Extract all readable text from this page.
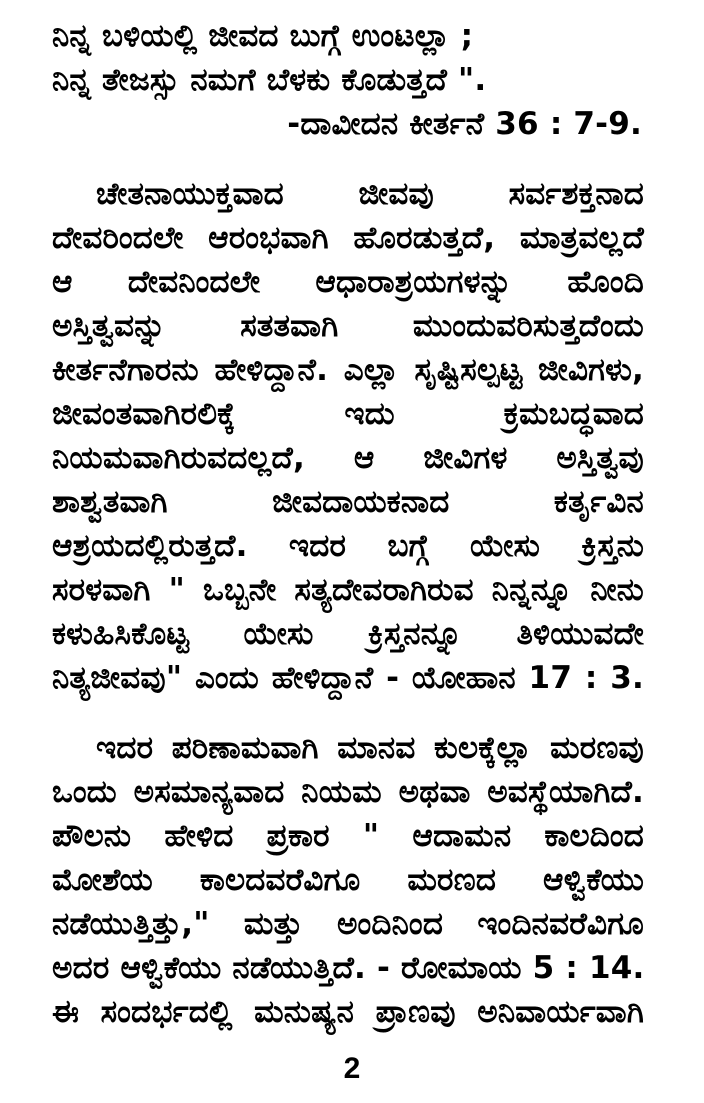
ನಿನ್ನ ಬಳಿಯಲ್ಲಿ ಜೀವದ ಬುಗ್ಗೆ ಉಂಟಲ್ಲಾ ;
ನಿನ್ನ ತೇಜಸ್ಸು ನಮಗೆ ಬೆಳಕು ಕೊಡುತ್ತದೆ ".
-ದಾವೀದನ ಕೀರ್ತನೆ 36 : 7-9.
ಚೇತನಾಯುಕ್ತವಾದ ಜೀವವು ಸರ್ವಶಕ್ತನಾದ
ದೇವರಿಂದಲೇ ಆರಂಭವಾಗಿ ಹೊರಡುತ್ತದೆ, ಮಾತ್ರವಲ್ಲದೆ
ಆ ದೇವನಿಂದಲೇ ಆಧಾರಾಶ್ರಯಗಳನ್ನು ಹೊಂದಿ
ಅಸ್ತಿತ್ವವನ್ನು ಸತತವಾಗಿ ಮುಂದುವರಿಸುತ್ತದೆಂದು
ಕೀರ್ತನೆಗಾರನು ಹೇಳಿದ್ದಾನೆ. ಎಲ್ಲಾ ಸೃಷ್ಟಿಸಲ್ಪಟ್ಟ ಜೀವಿಗಳು,
ಜೀವಂತವಾಗಿರಲಿಕ್ಕೆ ಇದು ಕ್ರಮಬದ್ಧವಾದ
ನಿಯಮವಾಗಿರುವದಲ್ಲದೆ, ಆ ಜೀವಿಗಳ ಅಸ್ತಿತ್ವವು
ಶಾಶ್ವತವಾಗಿ ಜೀವದಾಯಕನಾದ ಕರ್ತೃವಿನ
ಆಶ್ರಯದಲ್ಲಿರುತ್ತದೆ. ಇದರ ಬಗ್ಗೆ ಯೇಸು ಕ್ರಿಸ್ತನು
ಸರಳವಾಗಿ " ಒಬ್ಬನೇ ಸತ್ಯದೇವರಾಗಿರುವ ನಿನ್ನನ್ನೂ ನೀನು
ಕಳುಹಿಸಿಕೊಟ್ಟ ಯೇಸು ಕ್ರಿಸ್ತನನ್ನೂ ತಿಳಿಯುವದೇ
ನಿತ್ಯಜೀವವು" ಎಂದು ಹೇಳಿದ್ದಾನೆ - ಯೋಹಾನ 17 : 3.
ಇದರ ಪರಿಣಾಮವಾಗಿ ಮಾನವ ಕುಲಕ್ಕೆಲ್ಲಾ ಮರಣವು
ಒಂದು ಅಸಮಾನ್ಯವಾದ ನಿಯಮ ಅಥವಾ ಅವಸ್ಥೆಯಾಗಿದೆ.
ಪೌಲನು ಹೇಳಿದ ಪ್ರಕಾರ " ಆದಾಮನ ಕಾಲದಿಂದ
ಮೋಶೆಯ ಕಾಲದವರೆವಿಗೂ ಮರಣದ ಆಳ್ವಿಕೆಯು
ನಡೆಯುತ್ತಿತ್ತು," ಮತ್ತು ಅಂದಿನಿಂದ ಇಂದಿನವರೆವಿಗೂ
ಅದರ ಆಳ್ವಿಕೆಯು ನಡೆಯುತ್ತಿದೆ. - ರೋಮಾಯ 5 : 14.
ಈ ಸಂದರ್ಭದಲ್ಲಿ ಮನುಷ್ಯನ ಪ್ರಾಣವು ಅನಿವಾರ್ಯವಾಗಿ
2
